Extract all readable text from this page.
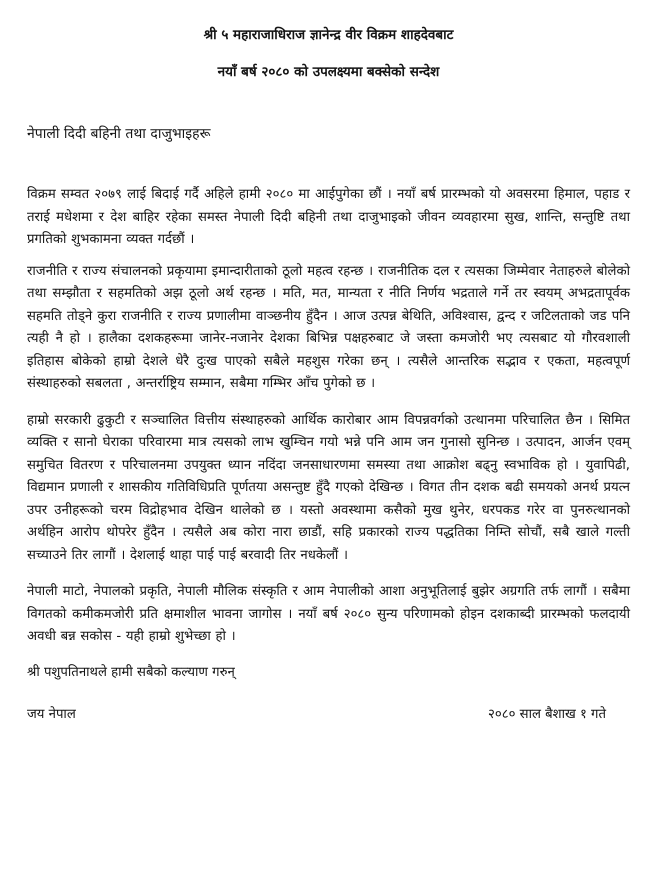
श्री ५ महाराजाधिराज ज्ञानेन्द्र वीर विक्रम शाहदेवबाट
नयाँ बर्ष २०८० को उपलक्ष्यमा बक्सेको सन्देश
नेपाली दिदी बहिनी तथा दाजुभाइहरू

विक्रम सम्वत २०७९ लाई बिदाई गर्दै अहिले हामी २०८० मा आईपुगेका छौं । नयाँ बर्ष प्रारम्भको यो अवसरमा हिमाल, पहाड र तराई मधेशमा र देश बाहिर रहेका समस्त नेपाली दिदी बहिनी तथा दाजुभाइको जीवन व्यवहारमा सुख, शान्ति, सन्तुष्टि तथा प्रगतिको शुभकामना व्यक्त गर्दछौं ।

राजनीति र राज्य संचालनको प्रकृयामा इमान्दारीताको ठूलो महत्व रहन्छ । राजनीतिक दल र त्यसका जिम्मेवार नेताहरुले बोलेको तथा सम्झौता र सहमतिको अझ ठूलो अर्थ रहन्छ । मति, मत, मान्यता र नीति निर्णय भद्रताले गर्ने तर स्वयम् अभद्रतापूर्वक सहमति तोड्ने कुरा राजनीति र राज्य प्रणालीमा वाञ्छनीय हुँदैन । आज उत्पन्न बेथिति, अविश्वास, द्वन्द र जटिलताको जड पनि त्यही नै हो । हालैका दशकहरूमा जानेर-नजानेर देशका बिभिन्न पक्षहरुबाट जे जस्ता कमजोरी भए त्यसबाट यो गौरवशाली इतिहास बोकेको हाम्रो देशले धेरै दुःख पाएको सबैले महशुस गरेका छन् । त्यसैले आन्तरिक सद्भाव र एकता, महत्वपूर्ण संस्थाहरुको सबलता , अन्तर्राष्ट्रिय सम्मान, सबैमा गम्भिर आँच पुगेको छ ।

हाम्रो सरकारी ढुकुटी र सञ्चालित वित्तीय संस्थाहरुको आर्थिक कारोबार आम विपन्नवर्गको उत्थानमा परिचालित छैन । सिमित व्यक्ति र सानो घेराका परिवारमा मात्र त्यसको लाभ खुम्चिन गयो भन्ने पनि आम जन गुनासो सुनिन्छ । उत्पादन, आर्जन एवम् समुचित वितरण र परिचालनमा उपयुक्त ध्यान नदिंदा जनसाधारणमा समस्या तथा आक्रोश बढ्नु स्वभाविक हो । युवापिढी, विद्यमान प्रणाली र शासकीय गतिविधिप्रति पूर्णतया असन्तुष्ट हुँदै गएको देखिन्छ । विगत तीन दशक बढी समयको अनर्थ प्रयत्न उपर उनीहरूको चरम विद्रोहभाव देखिन थालेको छ । यस्तो अवस्थामा कसैको मुख थुनेर, धरपकड गरेर वा पुनरुत्थानको अर्थहिन आरोप थोपरेर हुँदैन । त्यसैले अब कोरा नारा छाडौं, सहि प्रकारको राज्य पद्धतिका निम्ति सोचौं, सबै खाले गल्ती सच्याउने तिर लागौं । देशलाई थाहा पाई पाई बरवादी तिर नधकेलौं ।

नेपाली माटो, नेपालको प्रकृति, नेपाली मौलिक संस्कृति र आम नेपालीको आशा अनुभूतिलाई बुझेर अग्रगति तर्फ लागौं । सबैमा विगतको कमीकमजोरी प्रति क्षमाशील भावना जागोस । नयाँ बर्ष २०८० सुन्य परिणामको होइन दशकाब्दी प्रारम्भको फलदायी अवधी बन्न सकोस - यही हाम्रो शुभेच्छा हो ।

श्री पशुपतिनाथले हामी सबैको कल्याण गरुन्
जय नेपाल	२०८० साल बैशाख १ गते
